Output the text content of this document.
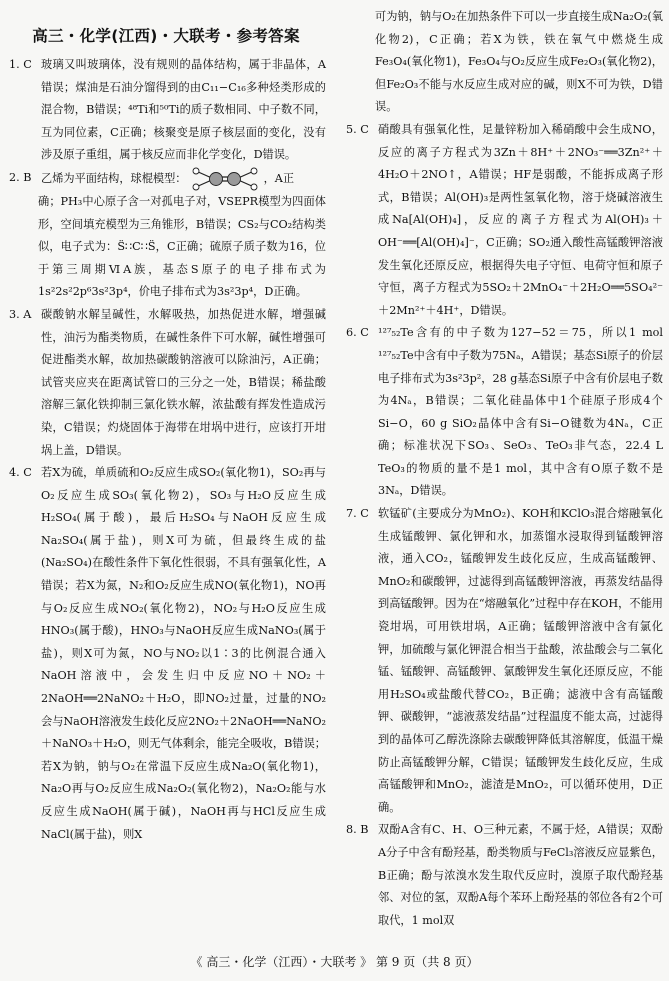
高三・化学(江西)・大联考・参考答案
1. C 玻璃又叫玻璃体，没有规则的晶体结构，属于非晶体，A错误；煤油是石油分馏得到的由C₁₁−C₁₆多种烃类形成的混合物，B错误；⁴⁸Ti和⁵⁰Ti的质子数相同、中子数不同，互为同位素，C正确；核聚变是原子核层面的变化，没有涉及原子重组，属于核反应而非化学变化，D错误。
2. B 乙烯为平面结构，球棍模型：	，A正
确；PH₃中心原子含一对孤电子对，VSEPR模型为四面体形，空间填充模型为三角锥形，B错误；CS₂与CO₂结构类似，电子式为：S̈∷C∷S̈，C正确；硫原子质子数为16，位于第三周期ⅥA族，基态S原子的电子排布式为1s²2s²2p⁶3s²3p⁴，价电子排布式为3s²3p⁴，D正确。
3. A 碳酸钠水解呈碱性，水解吸热，加热促进水解，增强碱性，油污为酯类物质，在碱性条件下可水解，碱性增强可促进酯类水解，故加热碳酸钠溶液可以除油污，A正确；试管夹应夹在距离试管口的三分之一处，B错误；稀盐酸溶解三氯化铁抑制三氯化铁水解，浓盐酸有挥发性造成污染，C错误；灼烧固体于海带在坩埚中进行，应该打开坩埚上盖，D错误。
4. C 若X为硫，单质硫和O₂反应生成SO₂(氧化物1)，SO₂再与O₂反应生成SO₃(氧化物2)，SO₃与H₂O反应生成H₂SO₄(属于酸)，最后H₂SO₄与NaOH反应生成Na₂SO₄(属于盐)，则X可为硫，但最终生成的盐(Na₂SO₄)在酸性条件下氧化性很弱，不具有强氧化性，A错误；若X为氮，N₂和O₂反应生成NO(氧化物1)，NO再与O₂反应生成NO₂(氧化物2)，NO₂与H₂O反应生成HNO₃(属于酸)，HNO₃与NaOH反应生成NaNO₃(属于盐)，则X可为氮，NO与NO₂以1∶3的比例混合通入NaOH溶液中，会发生归中反应NO＋NO₂＋2NaOH══2NaNO₂＋H₂O，即NO₂过量，过量的NO₂会与NaOH溶液发生歧化反应2NO₂＋2NaOH══NaNO₂＋NaNO₃＋H₂O，则无气体剩余，能完全吸收，B错误；若X为钠，钠与O₂在常温下反应生成Na₂O(氧化物1)，Na₂O再与O₂反应生成Na₂O₂(氧化物2)，Na₂O₂能与水反应生成NaOH(属于碱)，NaOH再与HCl反应生成NaCl(属于盐)，则X
可为钠，钠与O₂在加热条件下可以一步直接生成Na₂O₂(氧化物2)，C正确；若X为铁，铁在氧气中燃烧生成Fe₃O₄(氧化物1)，Fe₃O₄与O₂反应生成Fe₂O₃(氧化物2)，但Fe₂O₃不能与水反应生成对应的碱，则X不可为铁，D错误。
5. C 硝酸具有强氧化性，足量锌粉加入稀硝酸中会生成NO，反应的离子方程式为3Zn＋8H⁺＋2NO₃⁻══3Zn²⁺＋4H₂O＋2NO↑，A错误；HF是弱酸，不能拆成离子形式，B错误；Al(OH)₃是两性氢氧化物，溶于烧碱溶液生成Na[Al(OH)₄]，反应的离子方程式为Al(OH)₃＋OH⁻══[Al(OH)₄]⁻，C正确；SO₂通入酸性高锰酸钾溶液发生氧化还原反应，根据得失电子守恒、电荷守恒和原子守恒，离子方程式为5SO₂＋2MnO₄⁻＋2H₂O══5SO₄²⁻＋2Mn²⁺＋4H⁺，D错误。
6. C ¹²⁷₅₂Te含有的中子数为127−52＝75，所以1 mol ¹²⁷₅₂Te中含有中子数为75Nₐ，A错误；基态Si原子的价层电子排布式为3s²3p²，28 g基态Si原子中含有价层电子数为4Nₐ，B错误；二氧化硅晶体中1个硅原子形成4个Si−O，60 g SiO₂晶体中含有Si−O键数为4Nₐ，C正确；标准状况下SO₃、SeO₃、TeO₃非气态，22.4 L TeO₃的物质的量不是1 mol，其中含有O原子数不是3Nₐ，D错误。
7. C 软锰矿(主要成分为MnO₂)、KOH和KClO₃混合熔融氧化生成锰酸钾、氯化钾和水，加蒸馏水浸取得到锰酸钾溶液，通入CO₂，锰酸钾发生歧化反应，生成高锰酸钾、MnO₂和碳酸钾，过滤得到高锰酸钾溶液，再蒸发结晶得到高锰酸钾。因为在“熔融氧化”过程中存在KOH，不能用瓷坩埚，可用铁坩埚，A正确；锰酸钾溶液中含有氯化钾，加硫酸与氯化钾混合相当于盐酸，浓盐酸会与二氧化锰、锰酸钾、高锰酸钾、氯酸钾发生氧化还原反应，不能用H₂SO₄或盐酸代替CO₂，B正确；滤液中含有高锰酸钾、碳酸钾，“滤液蒸发结晶”过程温度不能太高，过滤得到的晶体可乙醇洗涤除去碳酸钾降低其溶解度，低温干燥防止高锰酸钾分解，C错误；锰酸钾发生歧化反应，生成高锰酸钾和MnO₂，滤渣是MnO₂，可以循环使用，D正确。
8. B 双酚A含有C、H、O三种元素，不属于烃，A错误；双酚A分子中含有酚羟基，酚类物质与FeCl₃溶液反应显紫色，B正确；酚与浓溴水发生取代反应时，溴原子取代酚羟基邻、对位的氢，双酚A每个苯环上酚羟基的邻位各有2个可取代，1 mol双
《 高三・化学（江西）・大联考 》 第 9 页（共 8 页）
